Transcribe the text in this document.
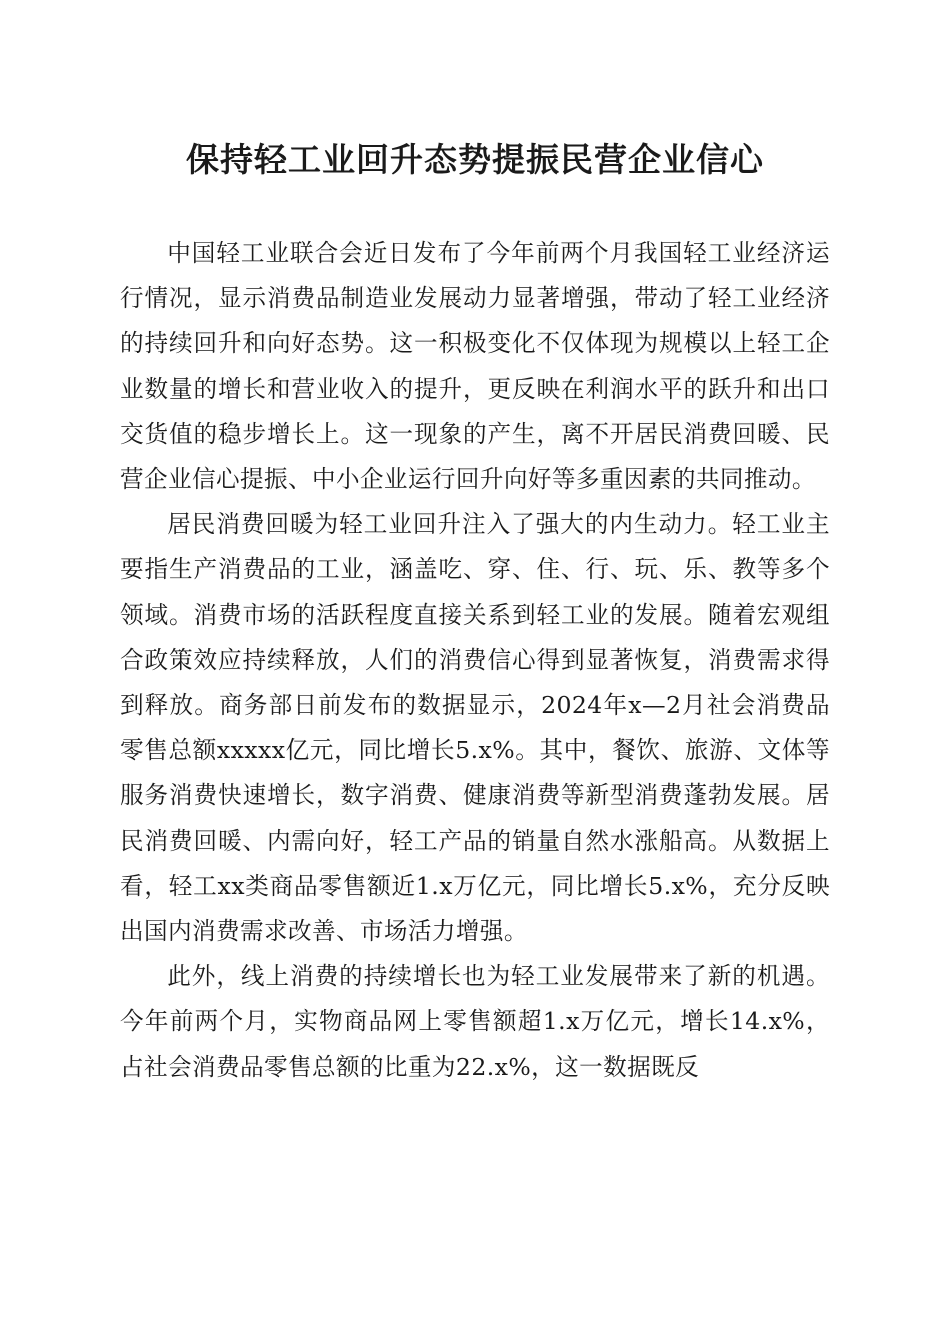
保持轻工业回升态势提振民营企业信心

中国轻工业联合会近日发布了今年前两个月我国轻工业经济运行情况，显示消费品制造业发展动力显著增强，带动了轻工业经济的持续回升和向好态势。这一积极变化不仅体现为规模以上轻工企业数量的增长和营业收入的提升，更反映在利润水平的跃升和出口交货值的稳步增长上。这一现象的产生，离不开居民消费回暖、民营企业信心提振、中小企业运行回升向好等多重因素的共同推动。

居民消费回暖为轻工业回升注入了强大的内生动力。轻工业主要指生产消费品的工业，涵盖吃、穿、住、行、玩、乐、教等多个领域。消费市场的活跃程度直接关系到轻工业的发展。随着宏观组合政策效应持续释放，人们的消费信心得到显著恢复，消费需求得到释放。商务部日前发布的数据显示，2024年x—2月社会消费品零售总额xxxxx亿元，同比增长5.x%。其中，餐饮、旅游、文体等服务消费快速增长，数字消费、健康消费等新型消费蓬勃发展。居民消费回暖、内需向好，轻工产品的销量自然水涨船高。从数据上看，轻工xx类商品零售额近1.x万亿元，同比增长5.x%，充分反映出国内消费需求改善、市场活力增强。

此外，线上消费的持续增长也为轻工业发展带来了新的机遇。今年前两个月，实物商品网上零售额超1.x万亿元，增长14.x%，占社会消费品零售总额的比重为22.x%，这一数据既反
